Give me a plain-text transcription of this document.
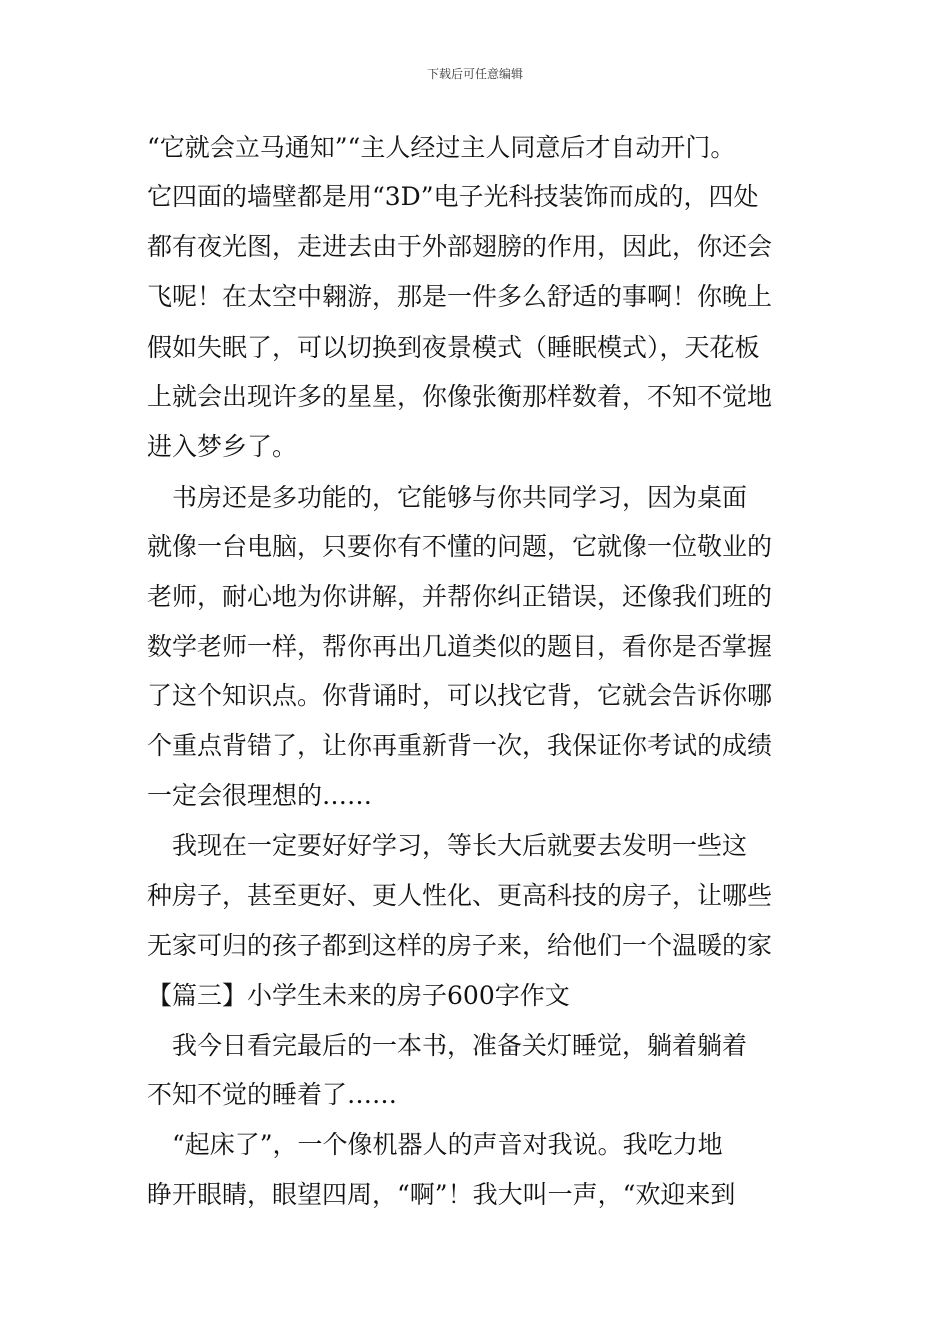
下载后可任意编辑
“它就会立马通知”“主人经过主人同意后才自动开门。
它四面的墙壁都是用“3D”电子光科技装饰而成的，四处
都有夜光图，走进去由于外部翅膀的作用，因此，你还会
飞呢！在太空中翱游，那是一件多么舒适的事啊！你晚上
假如失眠了，可以切换到夜景模式（睡眠模式），天花板
上就会出现许多的星星，你像张衡那样数着，不知不觉地
进入梦乡了。
　书房还是多功能的，它能够与你共同学习，因为桌面
就像一台电脑，只要你有不懂的问题，它就像一位敬业的
老师，耐心地为你讲解，并帮你纠正错误，还像我们班的
数学老师一样，帮你再出几道类似的题目，看你是否掌握
了这个知识点。你背诵时，可以找它背，它就会告诉你哪
个重点背错了，让你再重新背一次，我保证你考试的成绩
一定会很理想的……
　我现在一定要好好学习，等长大后就要去发明一些这
种房子，甚至更好、更人性化、更高科技的房子，让哪些
无家可归的孩子都到这样的房子来，给他们一个温暖的家
【篇三】小学生未来的房子600字作文
　我今日看完最后的一本书，准备关灯睡觉，躺着躺着
不知不觉的睡着了……
　“起床了”，一个像机器人的声音对我说。我吃力地
睁开眼睛，眼望四周，“啊”！我大叫一声，“欢迎来到
